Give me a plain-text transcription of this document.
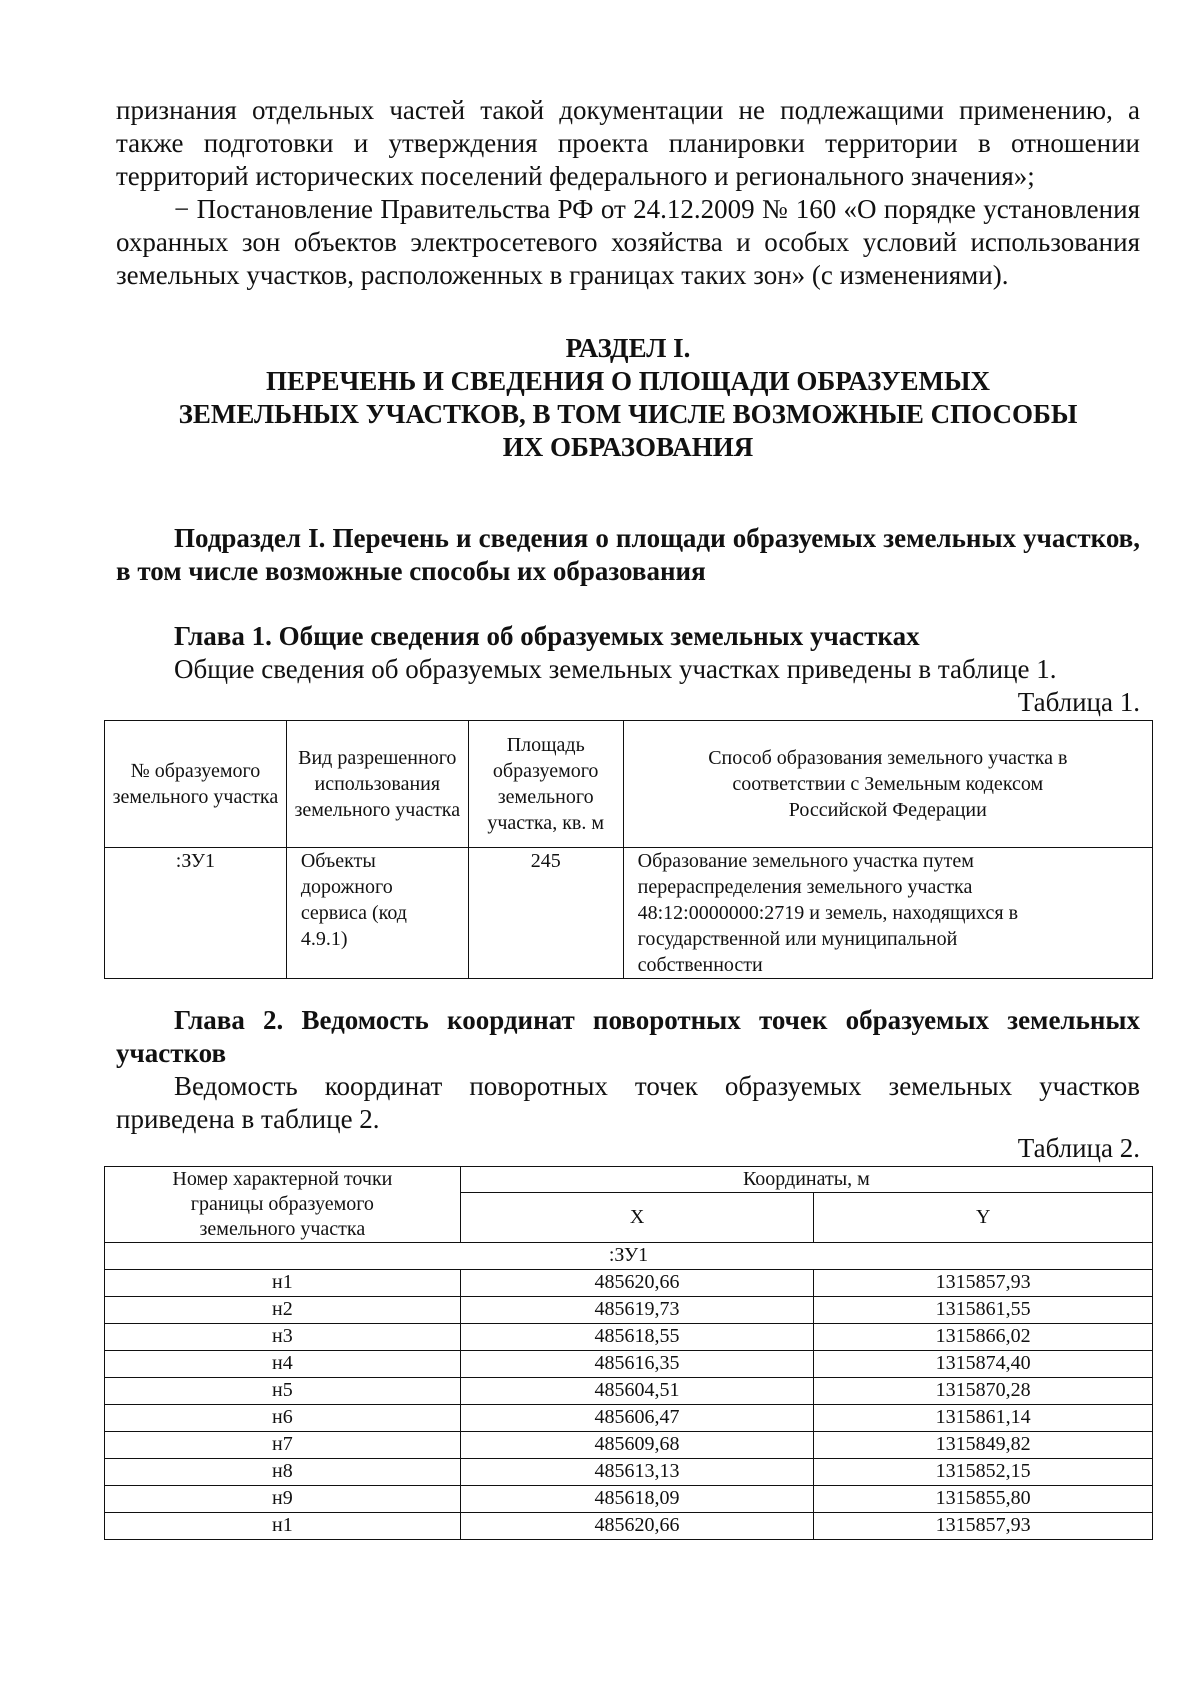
признания отдельных частей такой документации не подлежащими применению, а также подготовки и утверждения проекта планировки территории в отношении территорий исторических поселений федерального и регионального значения»;

− Постановление Правительства РФ от 24.12.2009 № 160 «О порядке установления охранных зон объектов электросетевого хозяйства и особых условий использования земельных участков, расположенных в границах таких зон» (с изменениями).

РАЗДЕЛ I.
ПЕРЕЧЕНЬ И СВЕДЕНИЯ О ПЛОЩАДИ ОБРАЗУЕМЫХ
ЗЕМЕЛЬНЫХ УЧАСТКОВ, В ТОМ ЧИСЛЕ ВОЗМОЖНЫЕ СПОСОБЫ
ИХ ОБРАЗОВАНИЯ

Подраздел I. Перечень и сведения о площади образуемых земельных участков, в том числе возможные способы их образования

Глава 1. Общие сведения об образуемых земельных участках

Общие сведения об образуемых земельных участках приведены в таблице 1.

Таблица 1.
№ образуемого земельного участка	Вид разрешенного использования земельного участка	Площадь образуемого земельного участка, кв. м	Способ образования земельного участка в соответствии с Земельным кодексом Российской Федерации
:ЗУ1	Объекты дорожного сервиса (код 4.9.1)	245	Образование земельного участка путем перераспределения земельного участка 48:12:0000000:2719 и земель, находящихся в государственной или муниципальной собственности

Глава 2. Ведомость координат поворотных точек образуемых земельных участков

Ведомость координат поворотных точек образуемых земельных участков приведена в таблице 2.

Таблица 2.
Номер характерной точки границы образуемого земельного участка	Координаты, м	
	X	Y
:ЗУ1		
н1	485620,66	1315857,93
н2	485619,73	1315861,55
н3	485618,55	1315866,02
н4	485616,35	1315874,40
н5	485604,51	1315870,28
н6	485606,47	1315861,14
н7	485609,68	1315849,82
н8	485613,13	1315852,15
н9	485618,09	1315855,80
н1	485620,66	1315857,93
